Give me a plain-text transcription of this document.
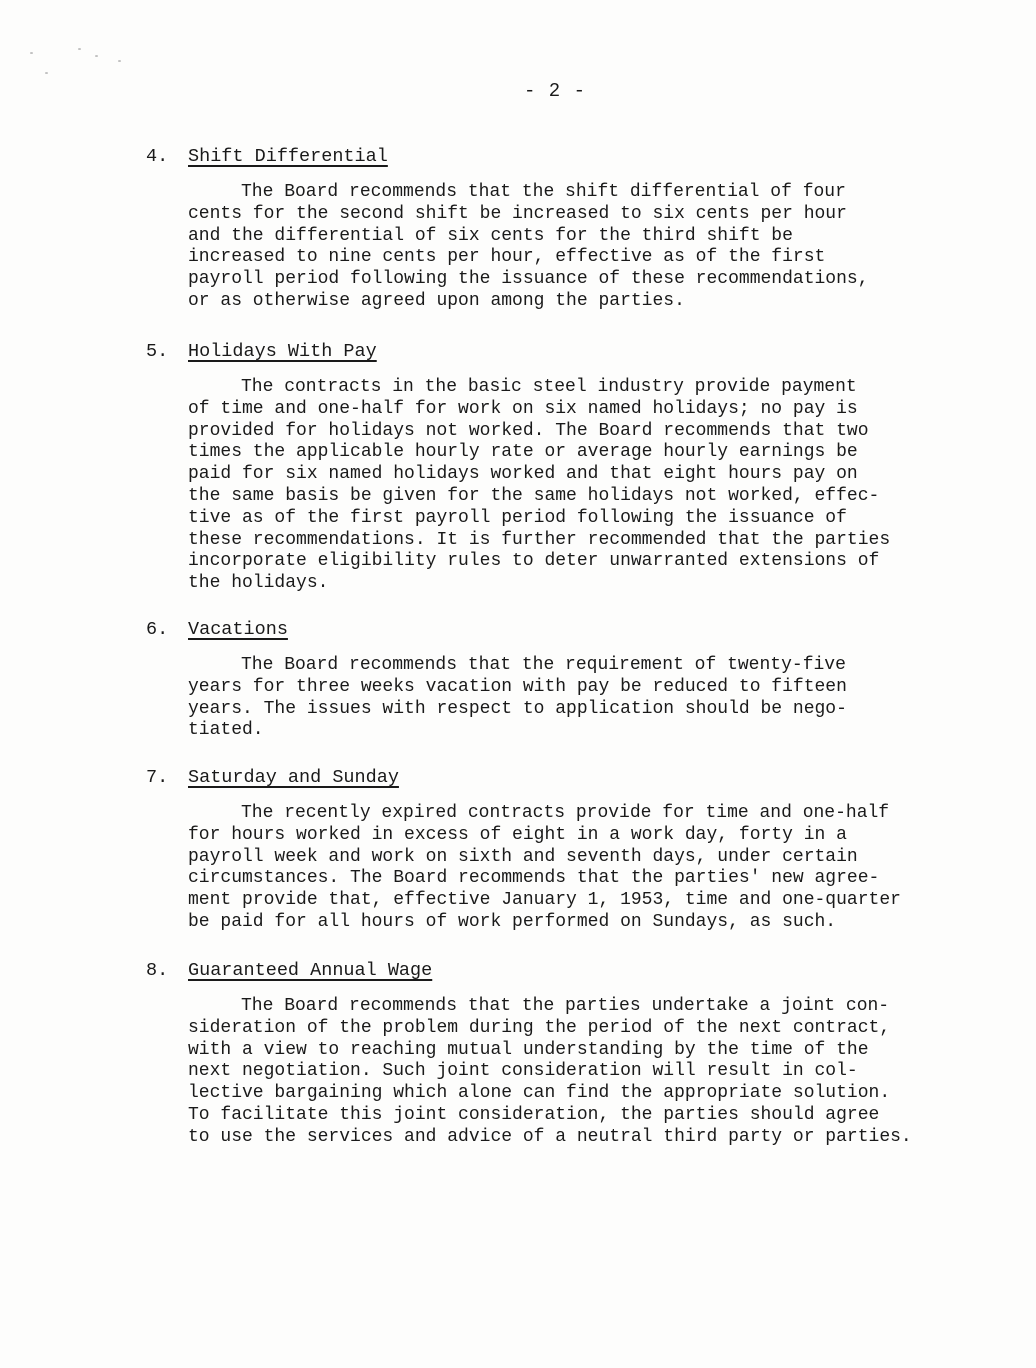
- 2 -
4. Shift Differential
The Board recommends that the shift differential of four
cents for the second shift be increased to six cents per hour
and the differential of six cents for the third shift be
increased to nine cents per hour, effective as of the first
payroll period following the issuance of these recommendations,
or as otherwise agreed upon among the parties.
5. Holidays With Pay
The contracts in the basic steel industry provide payment
of time and one-half for work on six named holidays; no pay is
provided for holidays not worked. The Board recommends that two
times the applicable hourly rate or average hourly earnings be
paid for six named holidays worked and that eight hours pay on
the same basis be given for the same holidays not worked, effec-
tive as of the first payroll period following the issuance of
these recommendations. It is further recommended that the parties
incorporate eligibility rules to deter unwarranted extensions of
the holidays.
6. Vacations
The Board recommends that the requirement of twenty-five
years for three weeks vacation with pay be reduced to fifteen
years. The issues with respect to application should be nego-
tiated.
7. Saturday and Sunday
The recently expired contracts provide for time and one-half
for hours worked in excess of eight in a work day, forty in a
payroll week and work on sixth and seventh days, under certain
circumstances. The Board recommends that the parties' new agree-
ment provide that, effective January 1, 1953, time and one-quarter
be paid for all hours of work performed on Sundays, as such.
8. Guaranteed Annual Wage
The Board recommends that the parties undertake a joint con-
sideration of the problem during the period of the next contract,
with a view to reaching mutual understanding by the time of the
next negotiation. Such joint consideration will result in col-
lective bargaining which alone can find the appropriate solution.
To facilitate this joint consideration, the parties should agree
to use the services and advice of a neutral third party or parties.
